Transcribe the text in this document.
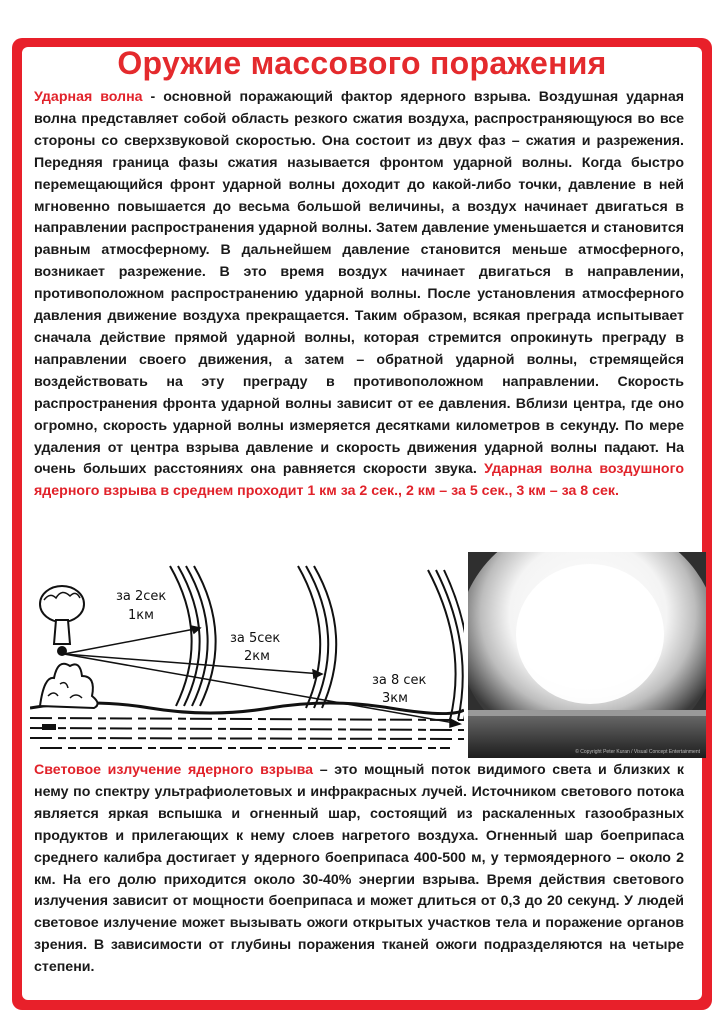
Оружие массового поражения
Ударная волна - основной поражающий фактор ядерного взрыва. Воздушная ударная волна представляет собой область резкого сжатия воздуха, распространяющуюся во все стороны со сверхзвуковой скоростью. Она состоит из двух фаз – сжатия и разрежения. Передняя граница фазы сжатия называется фронтом ударной волны. Когда быстро перемещающийся фронт ударной волны доходит до какой-либо точки, давление в ней мгновенно повышается до весьма большой величины, а воздух начинает двигаться в направлении распространения ударной волны. Затем давление уменьшается и становится равным атмосферному. В дальнейшем давление становится меньше атмосферного, возникает разрежение. В это время воздух начинает двигаться в направлении, противоположном распространению ударной волны. После установления атмосферного давления движение воздуха прекращается. Таким образом, всякая преграда испытывает сначала действие прямой ударной волны, которая стремится опрокинуть преграду в направлении своего движения, а затем – обратной ударной волны, стремящейся воздействовать на эту преграду в противоположном направлении. Скорость распространения фронта ударной волны зависит от ее давления. Вблизи центра, где оно огромно, скорость ударной волны измеряется десятками километров в секунду. По мере удаления от центра взрыва давление и скорость движения ударной волны падают. На очень больших расстояниях она равняется скорости звука. Ударная волна воздушного ядерного взрыва в среднем проходит 1 км за 2 сек., 2 км – за 5 сек., 3 км – за 8 сек.
за 2сек
1км
за 5сек
2км
за 8 сек
3км
© Copyright Peter Kuran / Visual Concept Entertainment
Световое излучение ядерного взрыва – это мощный поток видимого света и близких к нему по спектру ультрафиолетовых и инфракрасных лучей. Источником светового потока является яркая вспышка и огненный шар, состоящий из раскаленных газообразных продуктов и прилегающих к нему слоев нагретого воздуха. Огненный шар боеприпаса среднего калибра достигает у ядерного боеприпаса 400-500 м, у термоядерного – около 2 км. На его долю приходится около 30-40% энергии взрыва. Время действия светового излучения зависит от мощности боеприпаса и может длиться от 0,3 до 20 секунд. У людей световое излучение может вызывать ожоги открытых участков тела и поражение органов зрения. В зависимости от глубины поражения тканей ожоги подразделяются на четыре степени.
